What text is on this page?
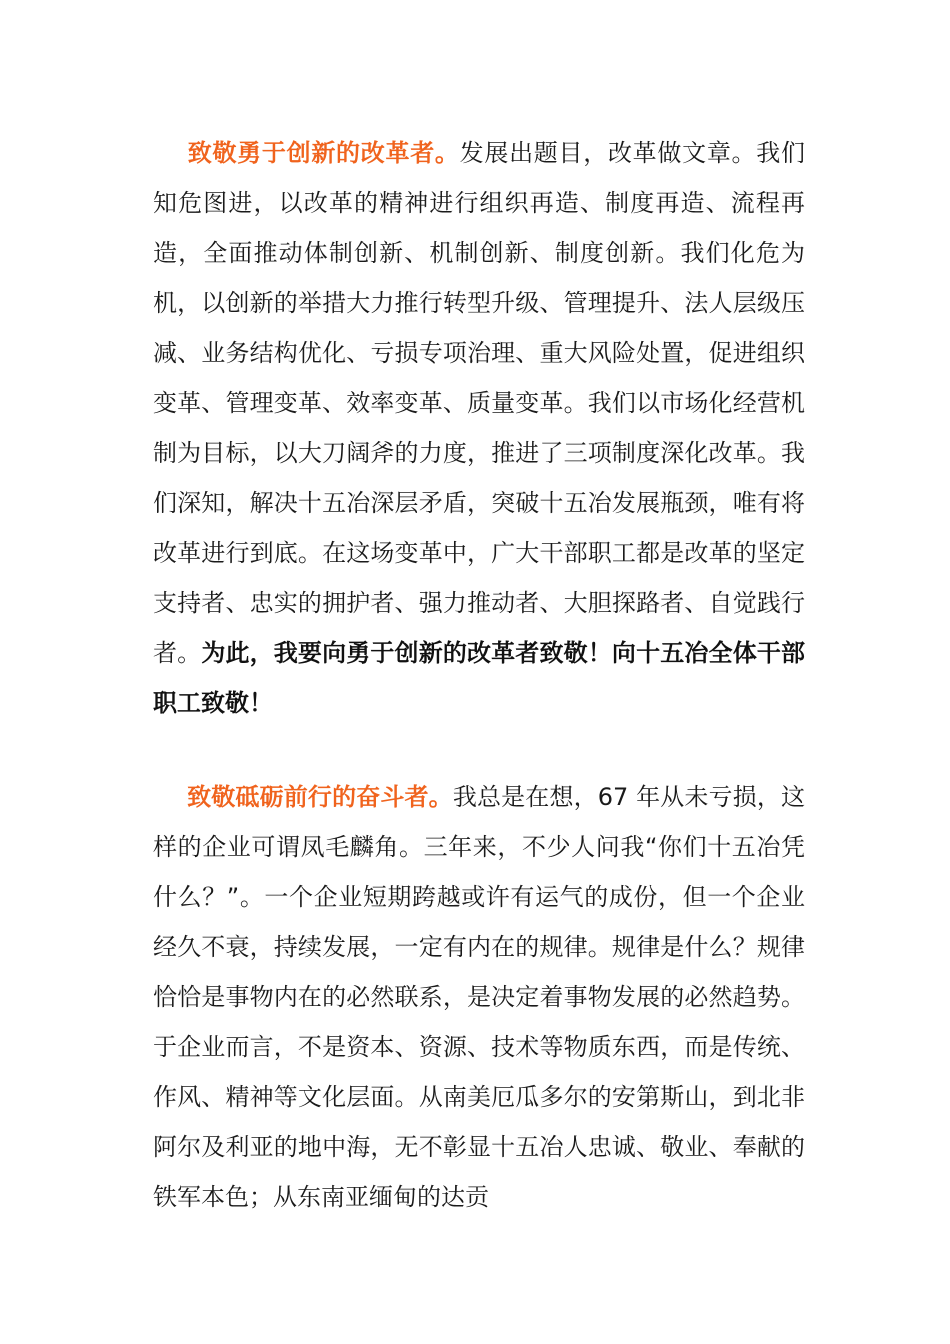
致敬勇于创新的改革者。发展出题目，改革做文章。我们知危图进，以改革的精神进行组织再造、制度再造、流程再造，全面推动体制创新、机制创新、制度创新。我们化危为机，以创新的举措大力推行转型升级、管理提升、法人层级压减、业务结构优化、亏损专项治理、重大风险处置，促进组织变革、管理变革、效率变革、质量变革。我们以市场化经营机制为目标，以大刀阔斧的力度，推进了三项制度深化改革。我们深知，解决十五冶深层矛盾，突破十五冶发展瓶颈，唯有将改革进行到底。在这场变革中，广大干部职工都是改革的坚定支持者、忠实的拥护者、强力推动者、大胆探路者、自觉践行者。为此，我要向勇于创新的改革者致敬！向十五冶全体干部职工致敬！

致敬砥砺前行的奋斗者。我总是在想，67 年从未亏损，这样的企业可谓凤毛麟角。三年来，不少人问我“你们十五冶凭什么？”。一个企业短期跨越或许有运气的成份，但一个企业经久不衰，持续发展，一定有内在的规律。规律是什么？规律恰恰是事物内在的必然联系，是决定着事物发展的必然趋势。于企业而言，不是资本、资源、技术等物质东西，而是传统、作风、精神等文化层面。从南美厄瓜多尔的安第斯山，到北非阿尔及利亚的地中海，无不彰显十五冶人忠诚、敬业、奉献的铁军本色；从东南亚缅甸的达贡
